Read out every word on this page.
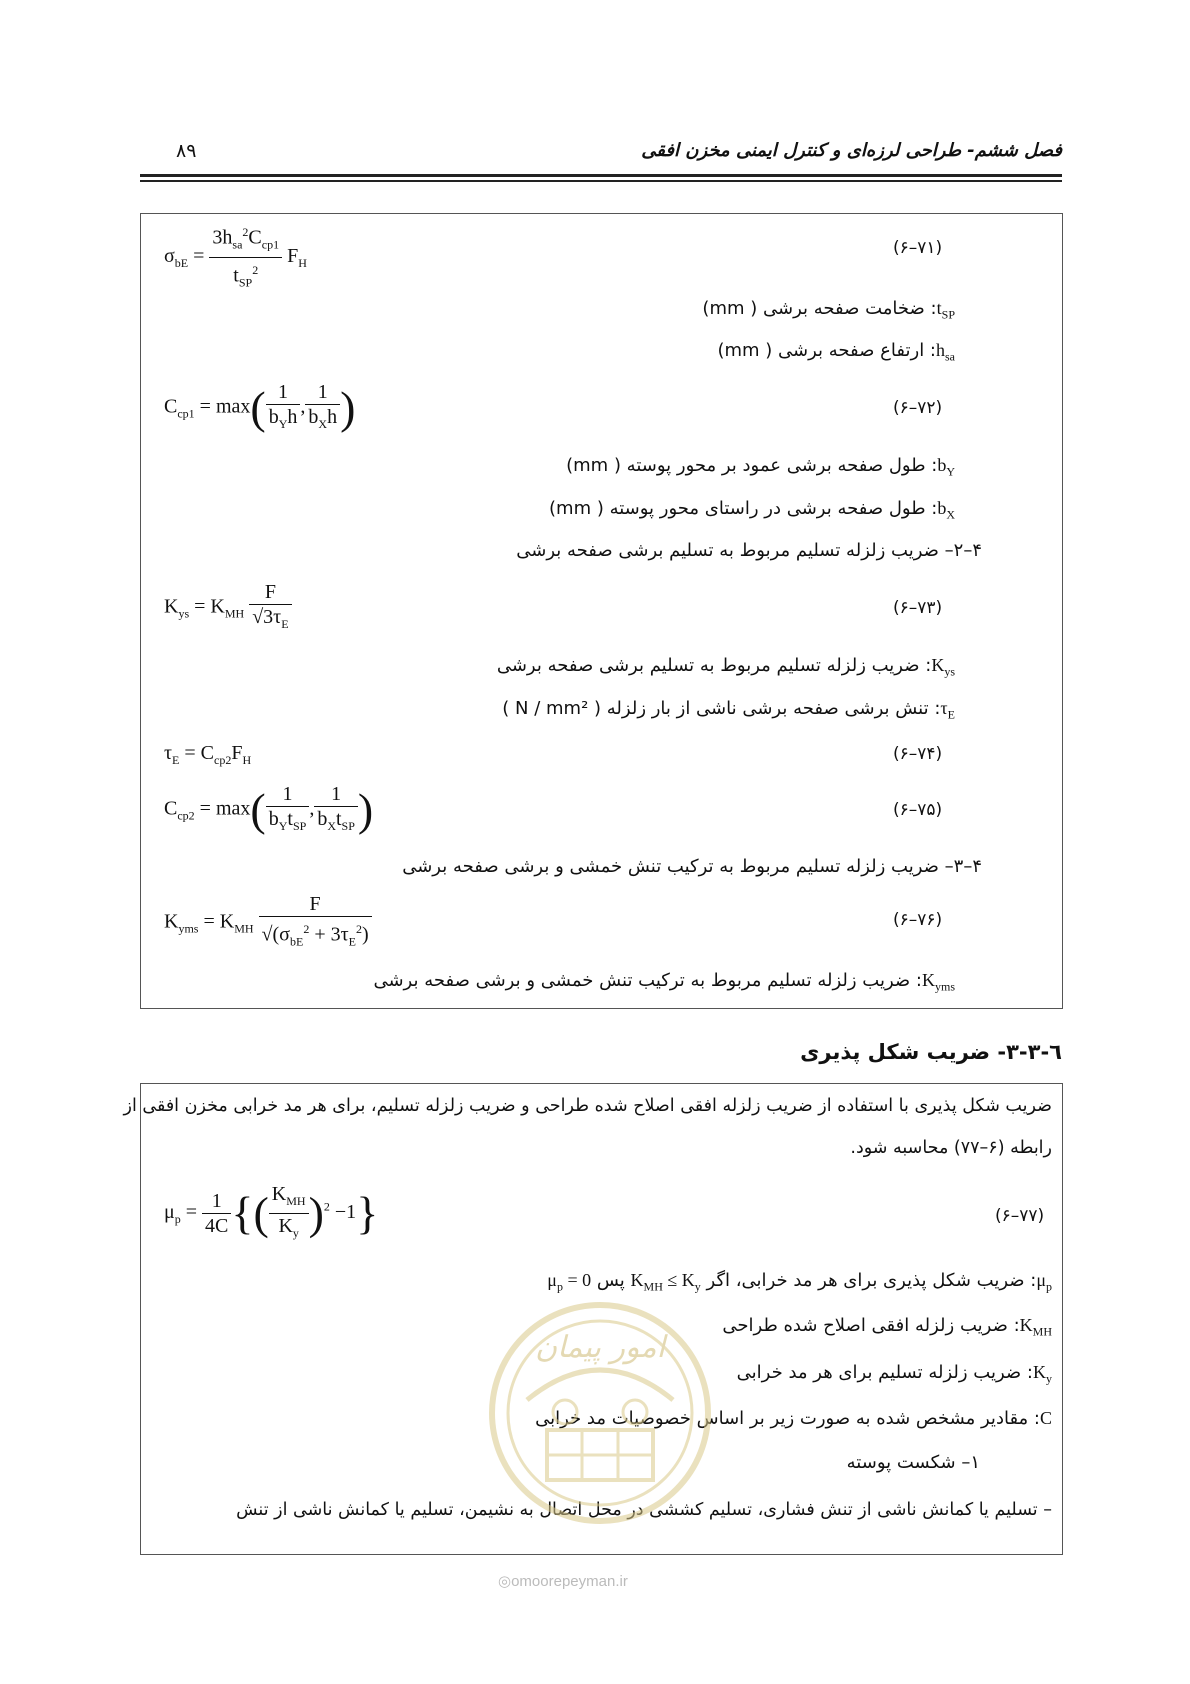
۸۹	فصل ششم- طراحی لرزه‌ای و کنترل ایمنی مخزن افقی
$\sigma_{bE} = \frac{3h_{sa}^2C_{cp1}}{t_{SP}^2} F_H$
(۶–۷۱)
$t_{SP}$: ضخامت صفحه برشی ( mm)
$h_{sa}$: ارتفاع صفحه برشی ( mm)
$C_{cp1} = \max( \frac{1}{b_Yh}$ , $\frac{1}{b_Xh}$ )	(۶–۷۲)
$b_Y$: طول صفحه برشی عمود بر محور پوسته ( mm)
$b_X$: طول صفحه برشی در راستای محور پوسته ( mm)
۴–۲– ضریب زلزله تسلیم مربوط به تسلیم برشی صفحه برشی
$K_{ys} = K_{MH} \frac{F}{√3\tau_E}$	(۶–۷۳)
$K_{ys}$: ضریب زلزله تسلیم مربوط به تسلیم برشی صفحه برشی
$\tau_E$: تنش برشی صفحه برشی ناشی از بار زلزله ( N / mm² )
$\tau_E = C_{cp2}F_H$	(۶–۷۴)
$C_{cp2} = \max( \frac{1}{b_Yt_{SP}}$ , $\frac{1}{b_Xt_{SP}}$ )	(۶–۷۵)
۴–۳– ضریب زلزله تسلیم مربوط به ترکیب تنش خمشی و برشی صفحه برشی
$K_{yms} = K_{MH} \frac{F}{√(\sigma_{bE}^2 + 3\tau_E^2)}$	(۶–۷۶)
$K_{yms}$: ضریب زلزله تسلیم مربوط به ترکیب تنش خمشی و برشی صفحه برشی
٦-۳-۳- ضریب شکل پذیری
ضریب شکل پذیری با استفاده از ضریب زلزله افقی اصلاح شده طراحی و ضریب زلزله تسلیم، برای هر مد خرابی مخزن افقی از
رابطه (۶–۷۷) محاسبه شود.
$\mu_p = \frac{1}{4C}$ {( $\frac{K_{MH}}{K_y} )^2 -1$}	(۶–۷۷)
$\mu_p$: ضریب شکل پذیری برای هر مد خرابی، اگر $K_{MH} \le K_y$ پس $\mu_p = 0$
$K_{MH}$: ضریب زلزله افقی اصلاح شده طراحی
$K_y$: ضریب زلزله تسلیم برای هر مد خرابی
C: مقادیر مشخص شده به صورت زیر بر اساس خصوصیات مد خرابی
۱– شکست پوسته
– تسلیم یا کمانش ناشی از تنش فشاری، تسلیم کششی در محل اتصال به نشیمن، تسلیم یا کمانش ناشی از تنش
امور پیمان
◎omoorepeyman.ir
